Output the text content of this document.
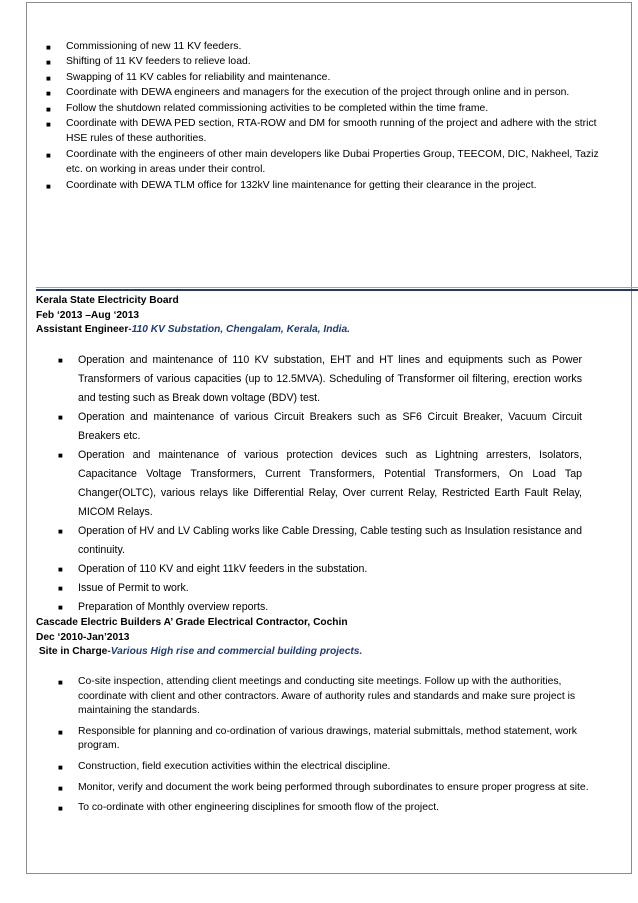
■ Commissioning of new 11 KV feeders.
■ Shifting of 11 KV feeders to relieve load.
■ Swapping of 11 KV cables for reliability and maintenance.
■ Coordinate with DEWA engineers and managers for the execution of the project through online and in person.
■ Follow the shutdown related commissioning activities to be completed within the time frame.
■ Coordinate with DEWA PED section, RTA-ROW and DM for smooth running of the project and adhere with the strict HSE rules of these authorities.
■ Coordinate with the engineers of other main developers like Dubai Properties Group, TEECOM, DIC, Nakheel, Taziz etc. on working in areas under their control.
■ Coordinate with DEWA TLM office for 132kV line maintenance for getting their clearance in the project.
Kerala State Electricity Board
Feb ‘2013 –Aug ‘2013
Assistant Engineer-110 KV Substation, Chengalam, Kerala, India.
■ Operation and maintenance of 110 KV substation, EHT and HT lines and equipments such as Power Transformers of various capacities (up to 12.5MVA). Scheduling of Transformer oil filtering, erection works and testing such as Break down voltage (BDV) test.
■ Operation and maintenance of various Circuit Breakers such as SF6 Circuit Breaker, Vacuum Circuit Breakers etc.
■ Operation and maintenance of various protection devices such as Lightning arresters, Isolators, Capacitance Voltage Transformers, Current Transformers, Potential Transformers, On Load Tap Changer(OLTC), various relays like Differential Relay, Over current Relay, Restricted Earth Fault Relay, MICOM Relays.
■ Operation of HV and LV Cabling works like Cable Dressing, Cable testing such as Insulation resistance and continuity.
■ Operation of 110 KV and eight 11kV feeders in the substation.
■ Issue of Permit to work.
■ Preparation of Monthly overview reports.
Cascade Electric Builders A’ Grade Electrical Contractor, Cochin
Dec ‘2010-Jan’2013
Site in Charge-Various High rise and commercial building projects.
■ Co-site inspection, attending client meetings and conducting site meetings. Follow up with the authorities, coordinate with client and other contractors. Aware of authority rules and standards and make sure project is maintaining the standards.
■ Responsible for planning and co-ordination of various drawings, material submittals, method statement, work program.
■ Construction, field execution activities within the electrical discipline.
■ Monitor, verify and document the work being performed through subordinates to ensure proper progress at site.
■ To co-ordinate with other engineering disciplines for smooth flow of the project.
